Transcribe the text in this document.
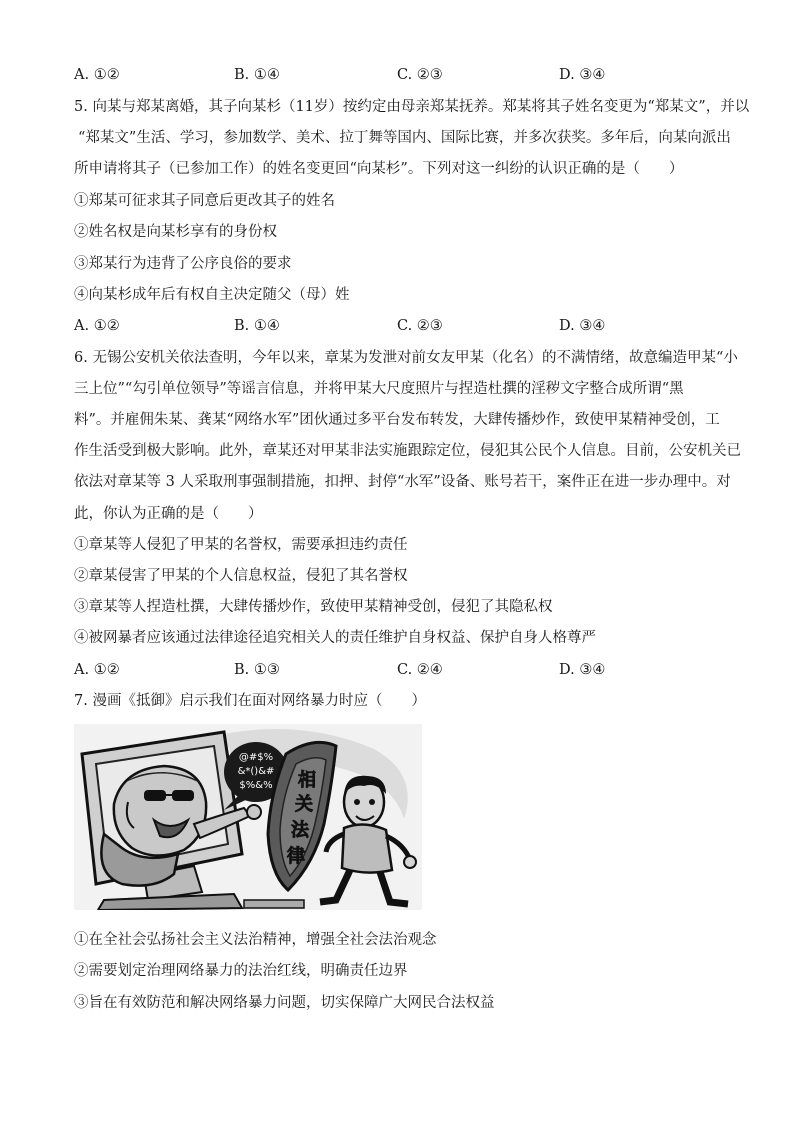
A. ①②	B. ①④	C. ②③	D. ③④
5. 向某与郑某离婚，其子向某杉（11岁）按约定由母亲郑某抚养。郑某将其子姓名变更为“郑某文”，并以
“郑某文”生活、学习，参加数学、美术、拉丁舞等国内、国际比赛，并多次获奖。多年后，向某向派出
所申请将其子（已参加工作）的姓名变更回“向某杉”。下列对这一纠纷的认识正确的是（　　）
①郑某可征求其子同意后更改其子的姓名
②姓名权是向某杉享有的身份权
③郑某行为违背了公序良俗的要求
④向某杉成年后有权自主决定随父（母）姓
A. ①②	B. ①④	C. ②③	D. ③④
6. 无锡公安机关依法查明，今年以来，章某为发泄对前女友甲某（化名）的不满情绪，故意编造甲某“小
三上位”“勾引单位领导”等谣言信息，并将甲某大尺度照片与捏造杜撰的淫秽文字整合成所谓“黑
料”。并雇佣朱某、龚某“网络水军”团伙通过多平台发布转发，大肆传播炒作，致使甲某精神受创，工
作生活受到极大影响。此外，章某还对甲某非法实施跟踪定位，侵犯其公民个人信息。目前，公安机关已
依法对章某等 3 人采取刑事强制措施，扣押、封停“水军”设备、账号若干，案件正在进一步办理中。对
此，你认为正确的是（　　）
①章某等人侵犯了甲某的名誉权，需要承担违约责任
②章某侵害了甲某的个人信息权益，侵犯了其名誉权
③章某等人捏造杜撰，大肆传播炒作，致使甲某精神受创，侵犯了其隐私权
④被网暴者应该通过法律途径追究相关人的责任维护自身权益、保护自身人格尊严
A. ①②	B. ①③	C. ②④	D. ③④
7. 漫画《抵御》启示我们在面对网络暴力时应（　　）
@#$%
&*()&#
$%&% 相
关
法
律
①在全社会弘扬社会主义法治精神，增强全社会法治观念
②需要划定治理网络暴力的法治红线，明确责任边界
③旨在有效防范和解决网络暴力问题，切实保障广大网民合法权益
